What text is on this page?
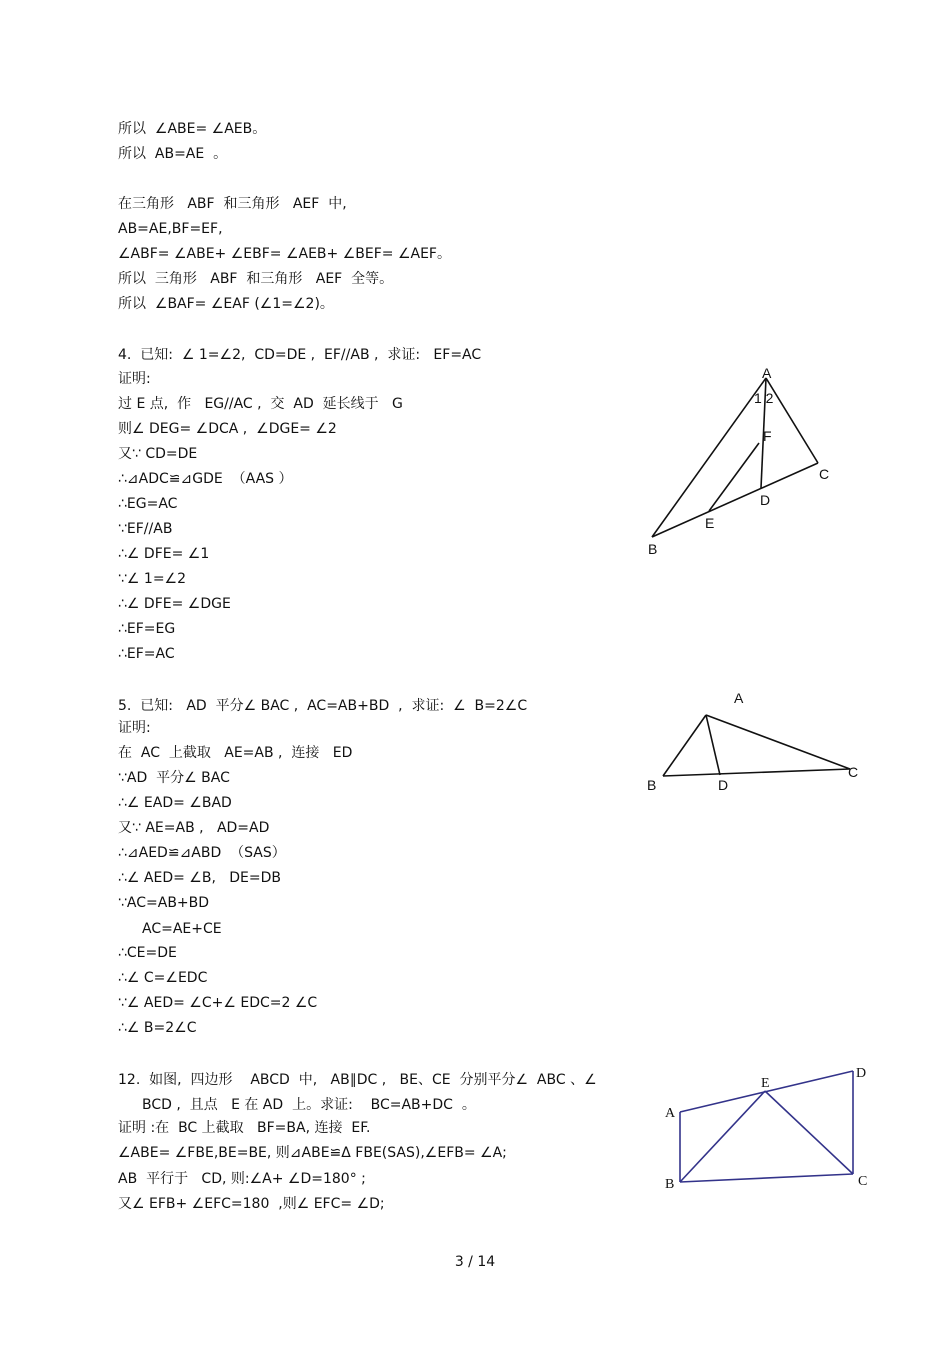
所以  ∠ABE= ∠AEB。
所以  AB=AE  。
在三角形   ABF  和三角形   AEF  中,
AB=AE,BF=EF,
∠ABF= ∠ABE+ ∠EBF= ∠AEB+ ∠BEF= ∠AEF。
所以  三角形   ABF  和三角形   AEF  全等。
所以  ∠BAF= ∠EAF (∠1=∠2)。
4.  已知:  ∠ 1=∠2,  CD=DE ,  EF//AB ,  求证:   EF=AC
证明:
过 E 点,  作   EG//AC ,  交  AD  延长线于   G
则∠ DEG= ∠DCA ,  ∠DGE= ∠2
又∵ CD=DE
∴⊿ADC≌⊿GDE  （AAS ）
∴EG=AC
∵EF//AB
∴∠ DFE= ∠1
∵∠ 1=∠2
∴∠ DFE= ∠DGE
∴EF=EG
∴EF=AC
A
1 2
F
C
D
E
B
5.  已知:   AD  平分∠ BAC ,  AC=AB+BD  ,  求证:  ∠  B=2∠C
证明:
在  AC  上截取   AE=AB ,  连接   ED
∵AD  平分∠ BAC
∴∠ EAD= ∠BAD
又∵ AE=AB ,   AD=AD
∴⊿AED≌⊿ABD  （SAS）
∴∠ AED= ∠B,   DE=DB
∵AC=AB+BD
AC=AE+CE
∴CE=DE
∴∠ C=∠EDC
∵∠ AED= ∠C+∠ EDC=2 ∠C
∴∠ B=2∠C
A
B	D
C
12.  如图,  四边形    ABCD  中,   AB∥DC ,   BE、CE  分别平分∠  ABC 、∠
BCD ,  且点   E 在 AD  上。求证:    BC=AB+DC  。
证明 :在  BC 上截取   BF=BA, 连接  EF.
∠ABE= ∠FBE,BE=BE, 则⊿ABE≌Δ FBE(SAS),∠EFB= ∠A;
AB  平行于   CD, 则:∠A+ ∠D=180° ;
又∠ EFB+ ∠EFC=180  ,则∠ EFC= ∠D;
A
E
D
B	C
3 / 14
